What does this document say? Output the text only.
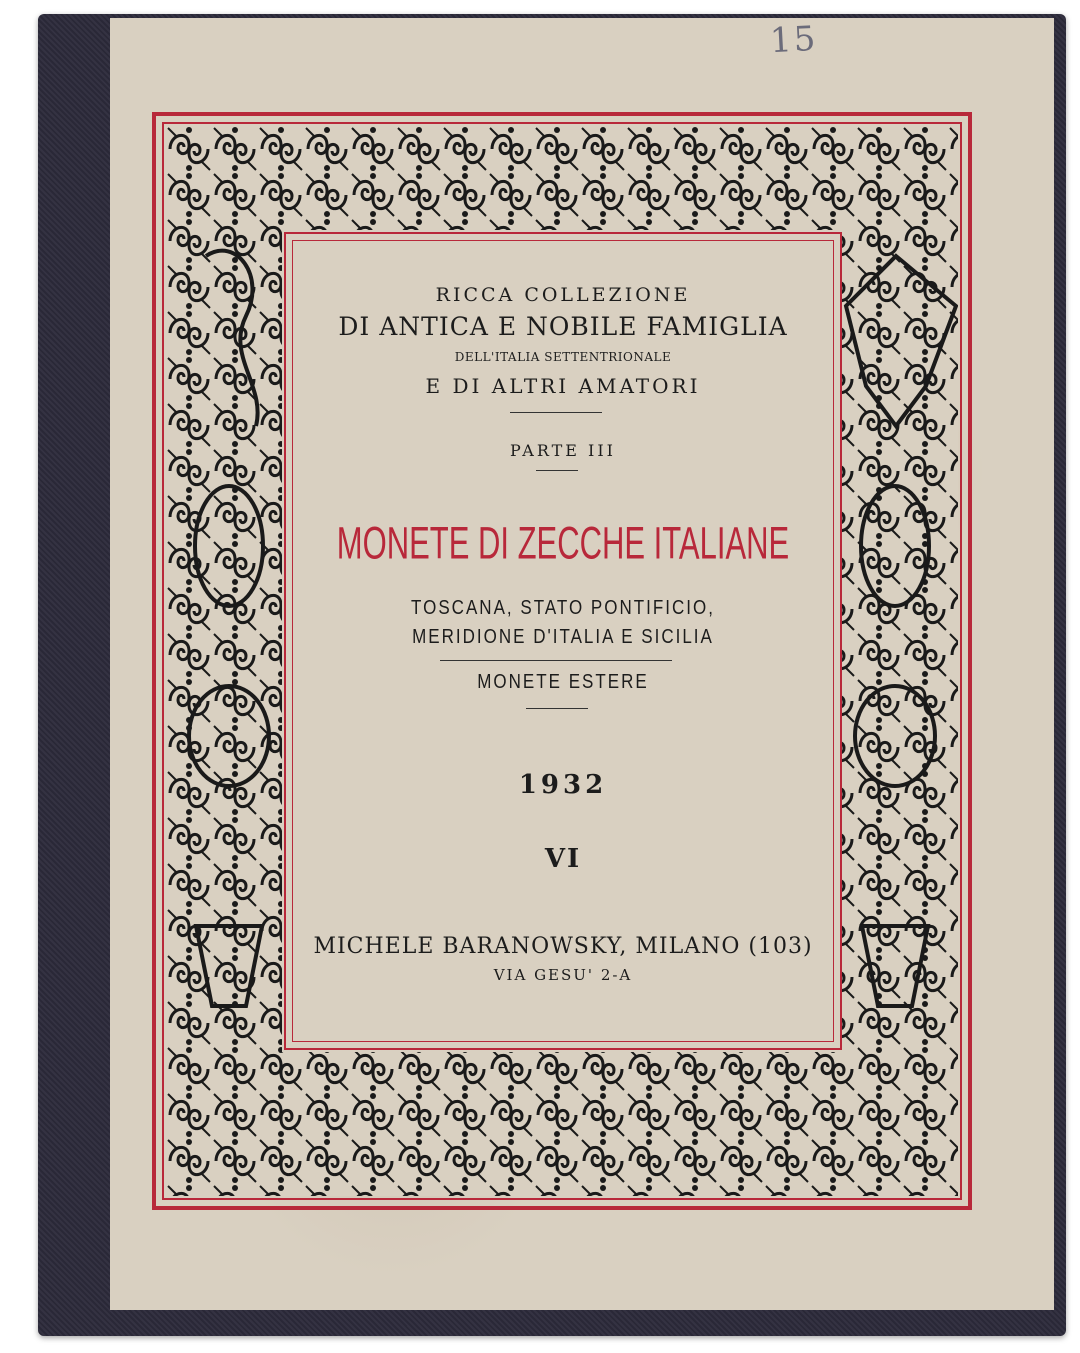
15
RICCA COLLEZIONE
DI ANTICA E NOBILE FAMIGLIA
DELL'ITALIA SETTENTRIONALE
E DI ALTRI AMATORI
PARTE III
MONETE DI ZECCHE ITALIANE
TOSCANA, STATO PONTIFICIO,
MERIDIONE D'ITALIA E SICILIA
MONETE ESTERE
1932
VI
MICHELE BARANOWSKY, MILANO (103)
VIA GESU' 2-A
